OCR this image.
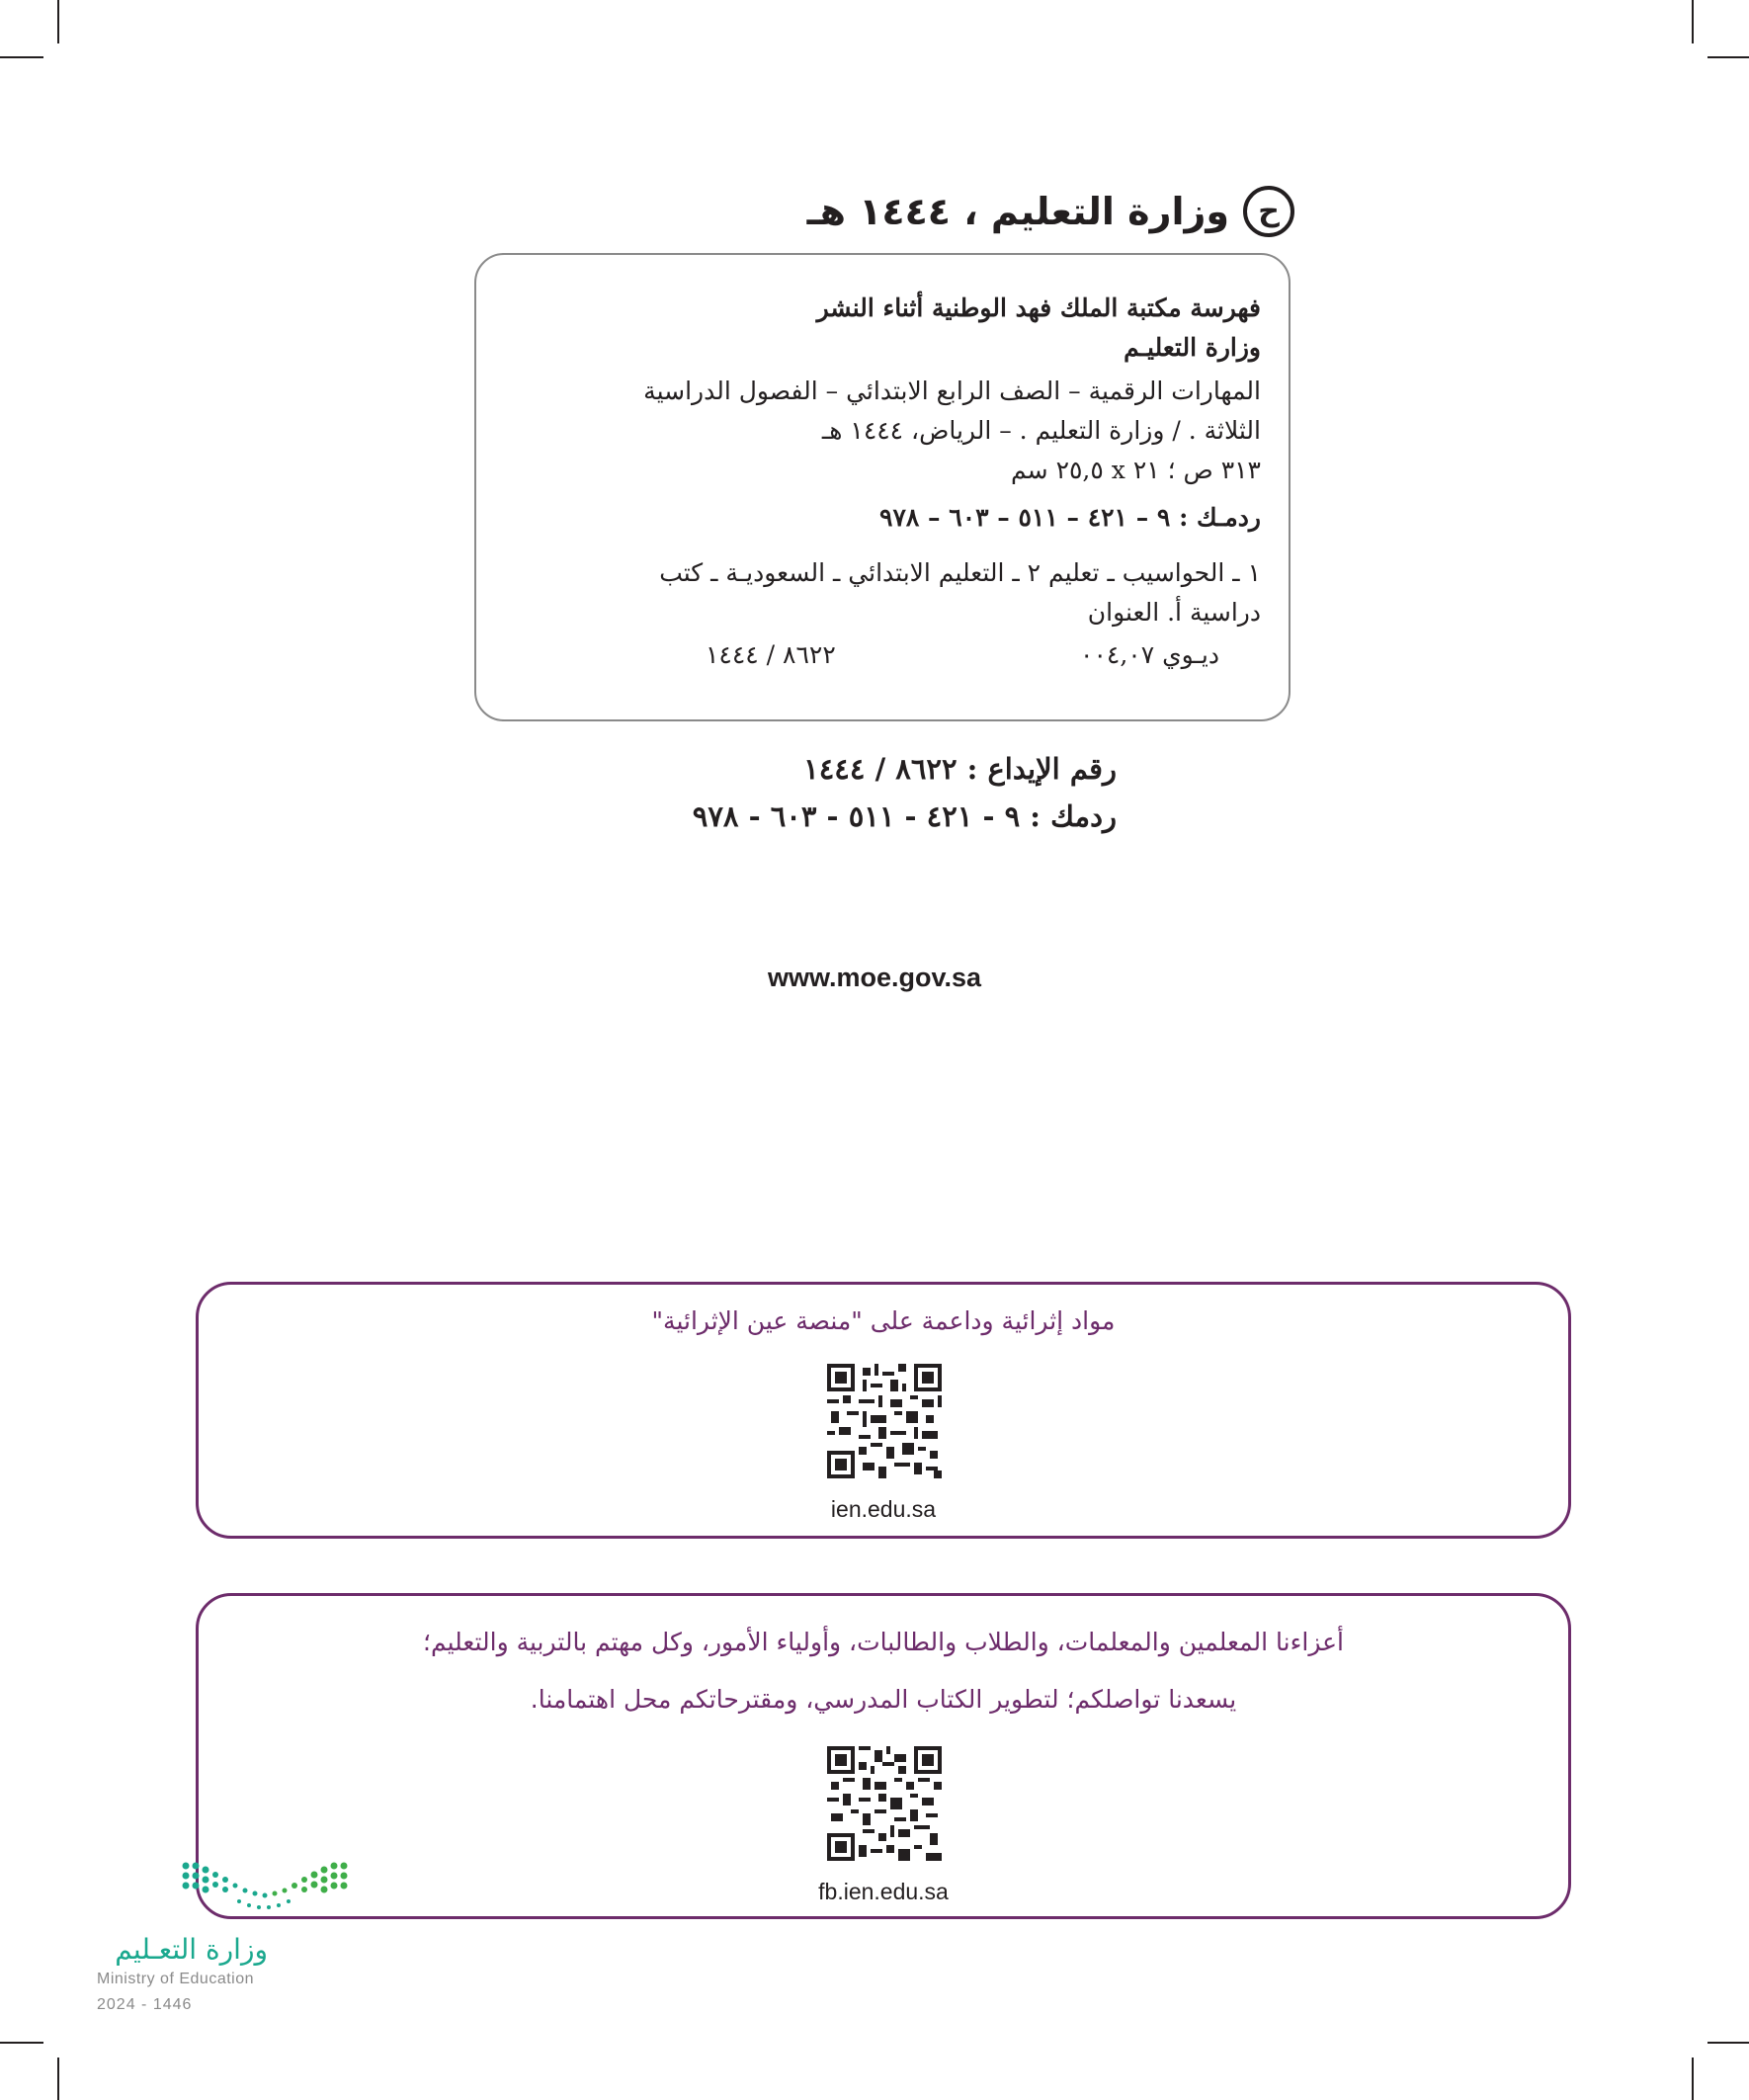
ح
وزارة التعليم ، ١٤٤٤ هـ
فهرسة مكتبة الملك فهد الوطنية أثناء النشر
وزارة التعليـم
المهارات الرقمية – الصف الرابع الابتدائي – الفصول الدراسية
الثلاثة . / وزارة التعليم . – الرياض، ١٤٤٤ هـ
٣١٣ ص ؛ ٢١ x ٢٥,٥ سم
ردمـك : ٩ – ٤٢١ – ٥١١ – ٦٠٣ – ٩٧٨
١ ـ الحواسيب ـ تعليم ٢ ـ التعليم الابتدائي ـ السعوديـة ـ كتب
دراسية أ. العنوان
ديـوي ٠٠٤,٠٧
٨٦٢٢ / ١٤٤٤
رقم الإيداع : ٨٦٢٢ / ١٤٤٤
ردمك : ٩ - ٤٢١ - ٥١١ - ٦٠٣ - ٩٧٨
www.moe.gov.sa
مواد إثرائية وداعمة على "منصة عين الإثرائية"
ien.edu.sa
أعزاءنا المعلمين والمعلمات، والطلاب والطالبات، وأولياء الأمور، وكل مهتم بالتربية والتعليم؛
يسعدنا تواصلكم؛ لتطوير الكتاب المدرسي، ومقترحاتكم محل اهتمامنا.
fb.ien.edu.sa
وزارة التعـليم
Ministry of Education
2024 - 1446
